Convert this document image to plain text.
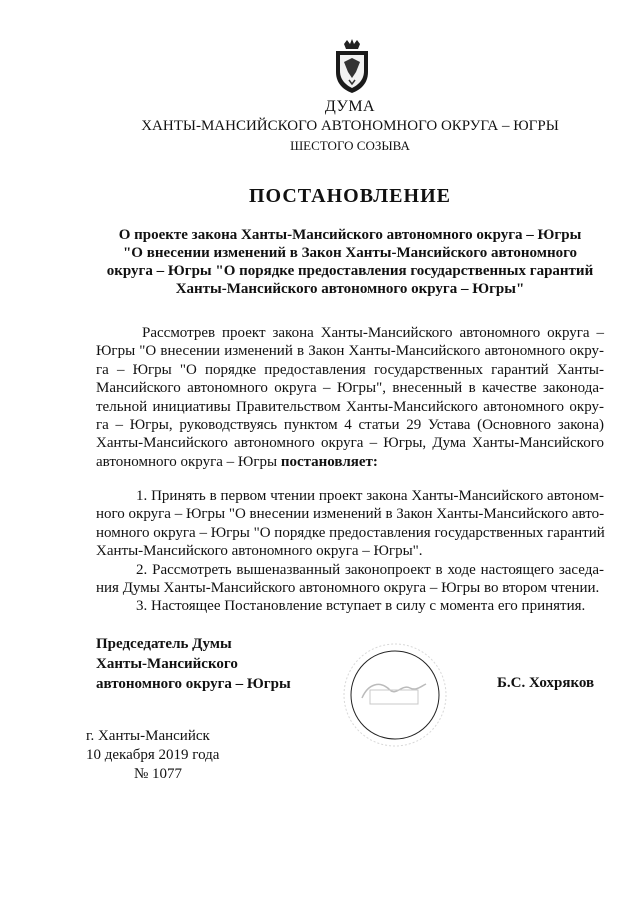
ДУМА
ХАНТЫ-МАНСИЙСКОГО АВТОНОМНОГО ОКРУГА – ЮГРЫ
ШЕСТОГО СОЗЫВА
ПОСТАНОВЛЕНИЕ
О проекте закона Ханты-Мансийского автономного округа – Югры
"О внесении изменений в Закон Ханты-Мансийского автономного
округа – Югры "О порядке предоставления государственных гарантий
Ханты-Мансийского автономного округа – Югры"
Рассмотрев проект закона Ханты-Мансийского автономного округа –
Югры "О внесении изменений в Закон Ханты-Мансийского автономного окру-
га – Югры "О порядке предоставления государственных гарантий Ханты-
Мансийского автономного округа – Югры", внесенный в качестве законода-
тельной инициативы Правительством Ханты-Мансийского автономного окру-
га – Югры, руководствуясь пунктом 4 статьи 29 Устава (Основного закона)
Ханты-Мансийского автономного округа – Югры, Дума Ханты-Мансийского
автономного округа – Югры постановляет:
1. Принять в первом чтении проект закона Ханты-Мансийского автоном-
ного округа – Югры "О внесении изменений в Закон Ханты-Мансийского авто-
номного округа – Югры "О порядке предоставления государственных гарантий
Ханты-Мансийского автономного округа – Югры".
2. Рассмотреть вышеназванный законопроект в ходе настоящего заседа-
ния Думы Ханты-Мансийского автономного округа – Югры во втором чтении.
3. Настоящее Постановление вступает в силу с момента его принятия.
Председатель Думы
Ханты-Мансийского
автономного округа – Югры	Б.С. Хохряков
г. Ханты-Мансийск
10 декабря 2019 года
№ 1077
